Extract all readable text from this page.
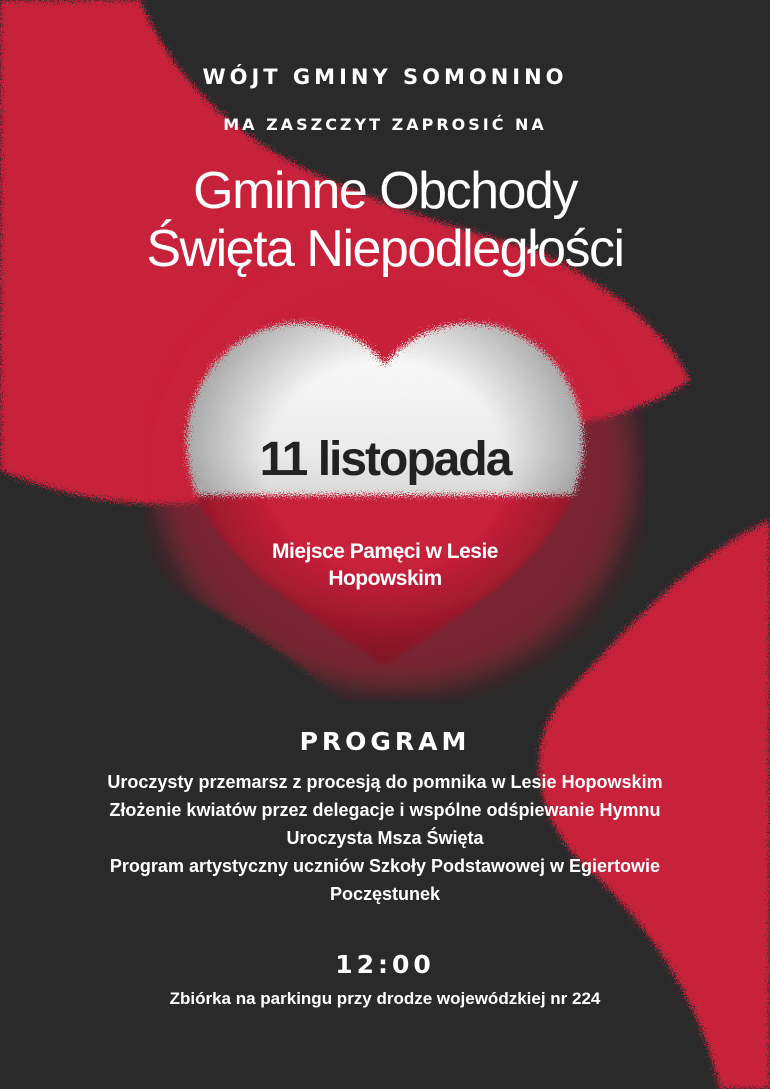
WÓJT GMINY SOMONINO
MA ZASZCZYT ZAPROSIĆ NA
Gminne Obchody
Święta Niepodległości
11 listopada
Miejsce Pamęci w Lesie
Hopowskim
PROGRAM
Uroczysty przemarsz z procesją do pomnika w Lesie Hopowskim
Złożenie kwiatów przez delegacje i wspólne odśpiewanie Hymnu
Uroczysta Msza Święta
Program artystyczny uczniów Szkoły Podstawowej w Egiertowie
Poczęstunek
12:00
Zbiórka na parkingu przy drodze wojewódzkiej nr 224
